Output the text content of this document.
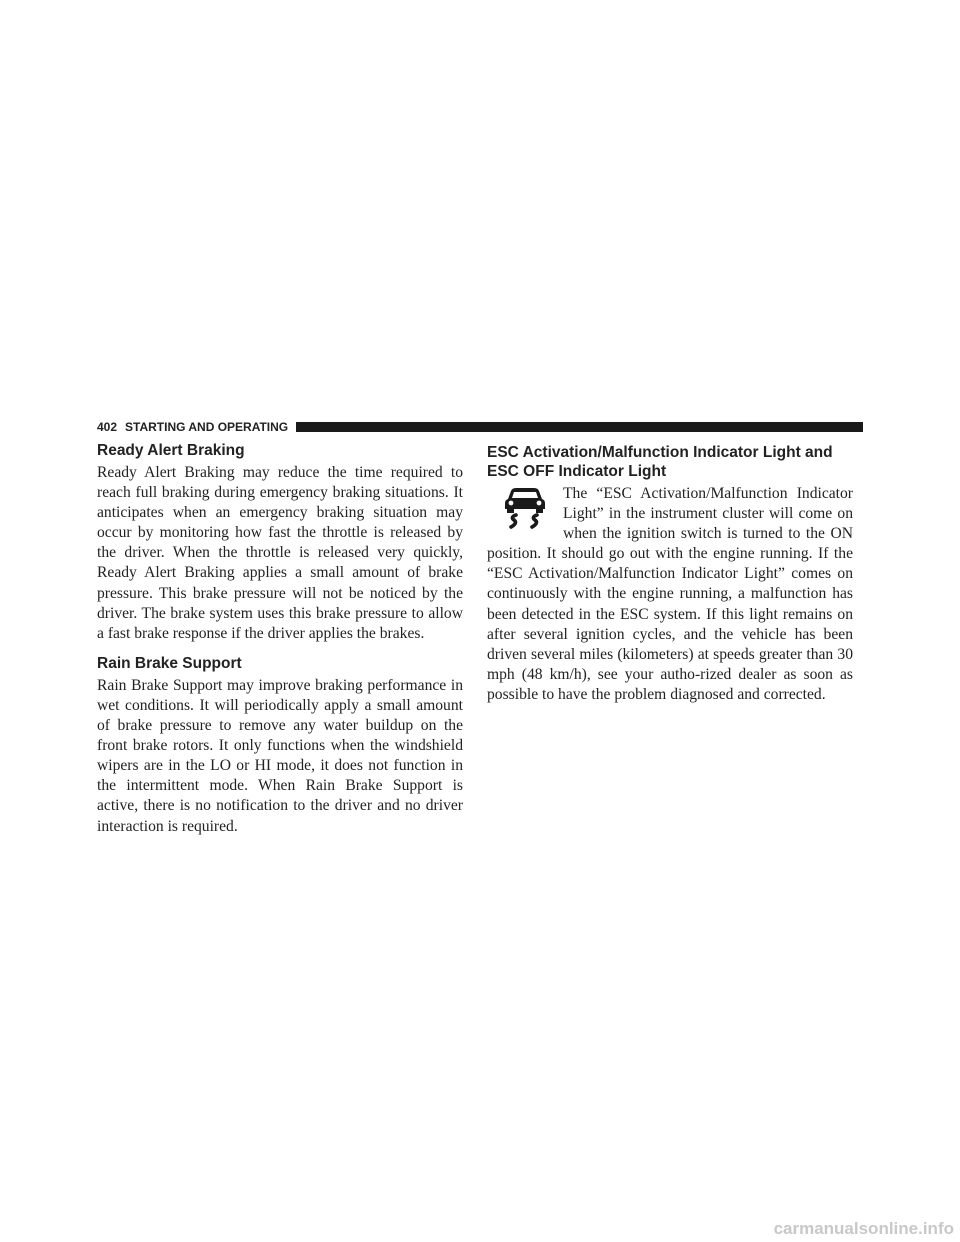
402 STARTING AND OPERATING
Ready Alert Braking

Ready Alert Braking may reduce the time required to reach full braking during emergency braking situations. It anticipates when an emergency braking situation may occur by monitoring how fast the throttle is released by the driver. When the throttle is released very quickly, Ready Alert Braking applies a small amount of brake pressure. This brake pressure will not be noticed by the driver. The brake system uses this brake pressure to allow a fast brake response if the driver applies the brakes.

Rain Brake Support

Rain Brake Support may improve braking performance in wet conditions. It will periodically apply a small amount of brake pressure to remove any water buildup on the front brake rotors. It only functions when the windshield wipers are in the LO or HI mode, it does not function in the intermittent mode. When Rain Brake Support is active, there is no notification to the driver and no driver interaction is required.

ESC Activation/Malfunction Indicator Light and ESC OFF Indicator Light

The “ESC Activation/Malfunction Indicator Light” in the instrument cluster will come on when the ignition switch is turned to the ON position. It should go out with the engine running. If the “ESC Activation/Malfunction Indicator Light” comes on continuously with the engine running, a malfunction has been detected in the ESC system. If this light remains on after several ignition cycles, and the vehicle has been driven several miles (kilometers) at speeds greater than 30 mph (48 km/h), see your autho-rized dealer as soon as possible to have the problem diagnosed and corrected.

carmanualsonline.info
